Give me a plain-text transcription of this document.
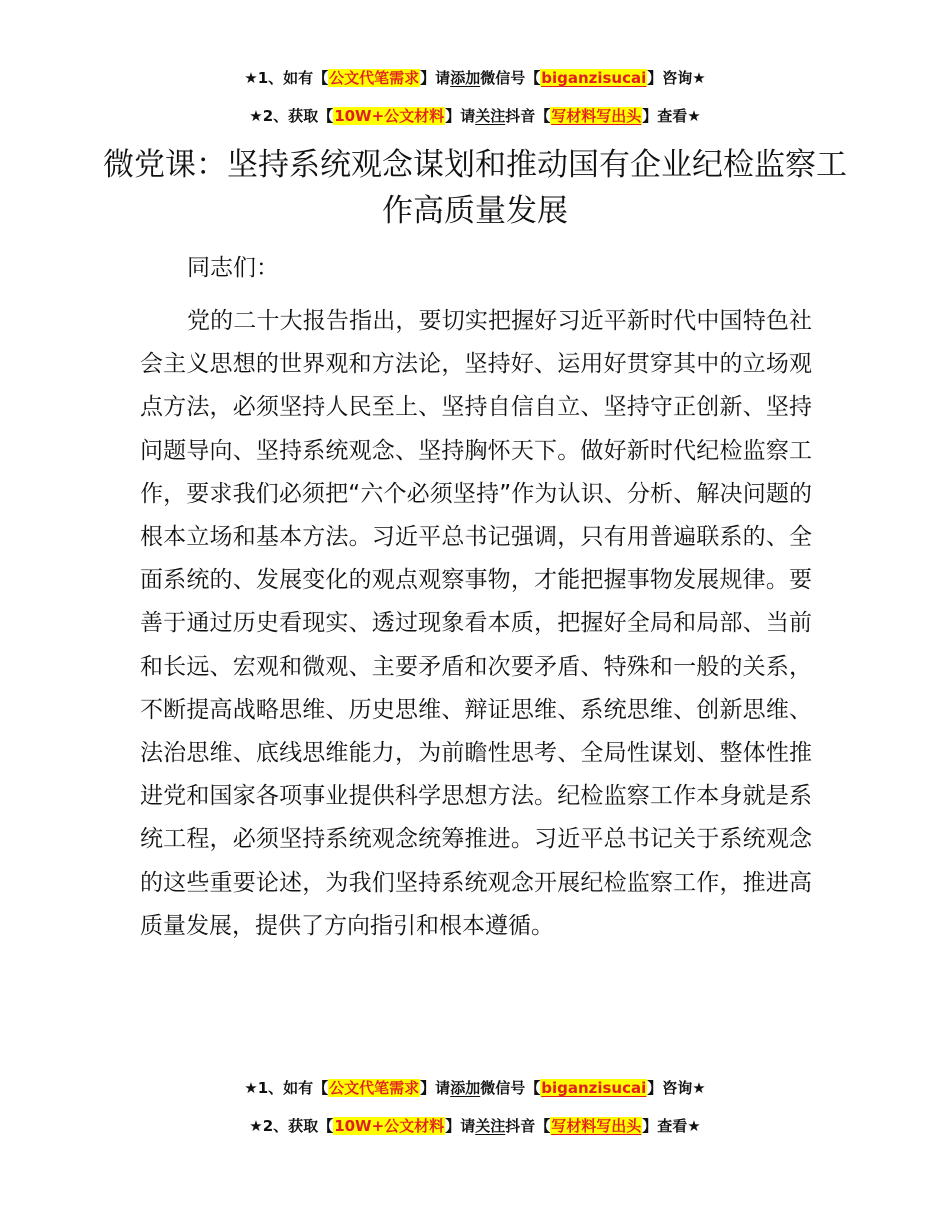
★1、如有【公文代笔需求】请添加微信号【biganzisucai】咨询★
★2、获取【10W+公文材料】请关注抖音【写材料写出头】查看★
微党课：坚持系统观念谋划和推动国有企业纪检监察工作高质量发展
同志们：

党的二十大报告指出，要切实把握好习近平新时代中国特色社会主义思想的世界观和方法论，坚持好、运用好贯穿其中的立场观点方法，必须坚持人民至上、坚持自信自立、坚持守正创新、坚持问题导向、坚持系统观念、坚持胸怀天下。做好新时代纪检监察工作，要求我们必须把“六个必须坚持”作为认识、分析、解决问题的根本立场和基本方法。习近平总书记强调，只有用普遍联系的、全面系统的、发展变化的观点观察事物，才能把握事物发展规律。要善于通过历史看现实、透过现象看本质，把握好全局和局部、当前和长远、宏观和微观、主要矛盾和次要矛盾、特殊和一般的关系，不断提高战略思维、历史思维、辩证思维、系统思维、创新思维、法治思维、底线思维能力，为前瞻性思考、全局性谋划、整体性推进党和国家各项事业提供科学思想方法。纪检监察工作本身就是系统工程，必须坚持系统观念统筹推进。习近平总书记关于系统观念的这些重要论述，为我们坚持系统观念开展纪检监察工作，推进高质量发展，提供了方向指引和根本遵循。

★1、如有【公文代笔需求】请添加微信号【biganzisucai】咨询★
★2、获取【10W+公文材料】请关注抖音【写材料写出头】查看★
